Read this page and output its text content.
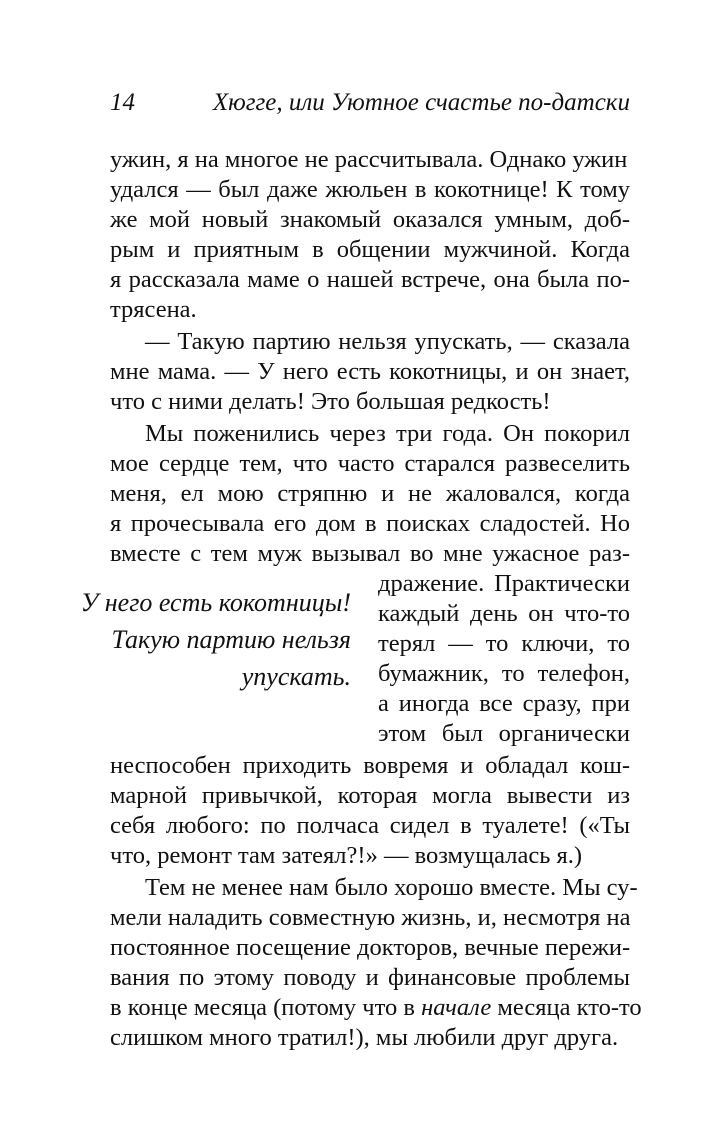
14	Хюгге, или Уютное счастье по-датски
ужин, я на многое не рассчитывала. Однако ужин
удался — был даже жюльен в кокотнице! К тому
же мой новый знакомый оказался умным, доб-
рым и приятным в общении мужчиной. Когда
я рассказала маме о нашей встрече, она была по-
трясена.
— Такую партию нельзя упускать, — сказала
мне мама. — У него есть кокотницы, и он знает,
что с ними делать! Это большая редкость!
Мы поженились через три года. Он покорил
мое сердце тем, что часто старался развеселить
меня, ел мою стряпню и не жаловался, когда
я прочесывала его дом в поисках сладостей. Но
вместе с тем муж вызывал во мне ужасное раз-
дражение. Практически
каждый день он что-то
терял — то ключи, то
бумажник, то телефон,
а иногда все сразу, при
этом был органически
У него есть кокотницы!
Такую партию нельзя
упускать.
неспособен приходить вовремя и обладал кош-
марной привычкой, которая могла вывести из
себя любого: по полчаса сидел в туалете! («Ты
что, ремонт там затеял?!» — возмущалась я.)
Тем не менее нам было хорошо вместе. Мы су-
мели наладить совместную жизнь, и, несмотря на
постоянное посещение докторов, вечные пережи-
вания по этому поводу и финансовые проблемы
в конце месяца (потому что в начале месяца кто-то
слишком много тратил!), мы любили друг друга.
